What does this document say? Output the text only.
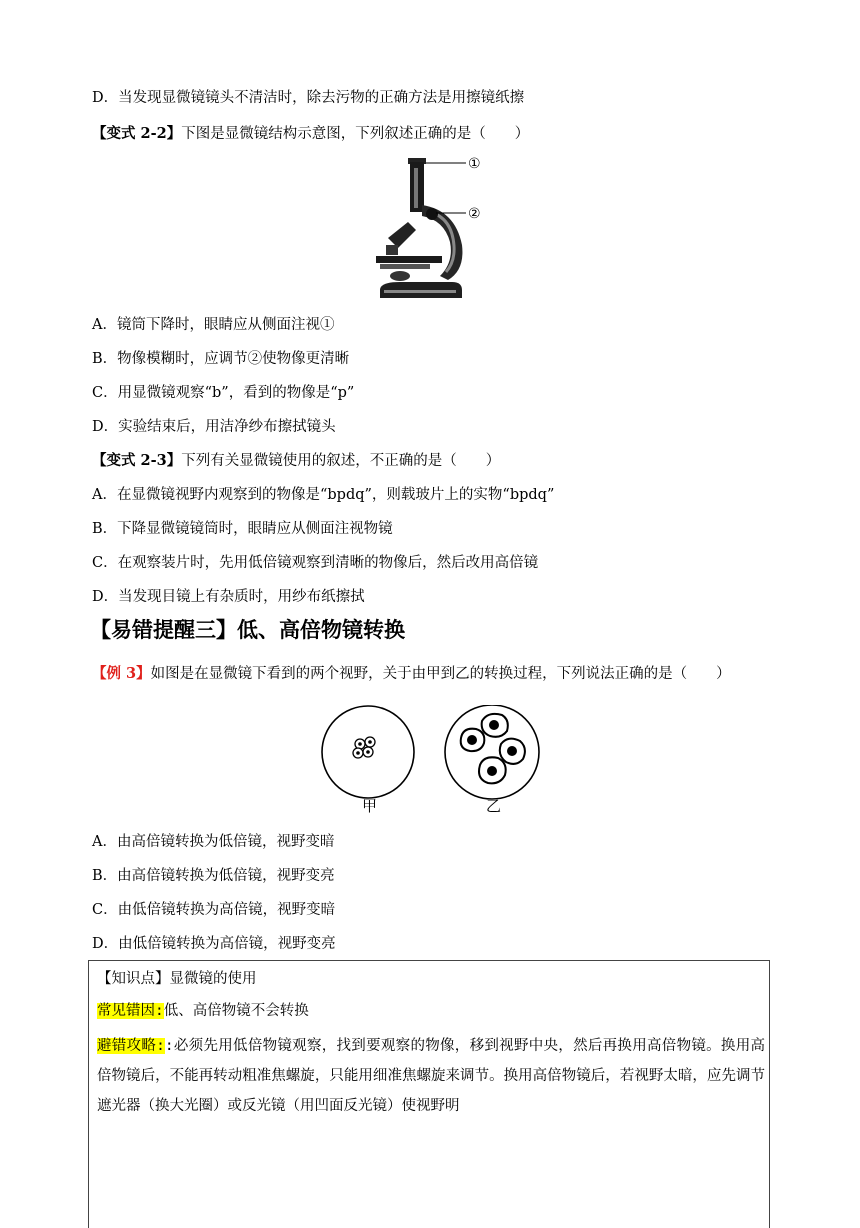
D．当发现显微镜镜头不清洁时，除去污物的正确方法是用擦镜纸擦
【变式 2-2】下图是显微镜结构示意图，下列叙述正确的是（　　）
①
②
A．镜筒下降时，眼睛应从侧面注视①
B．物像模糊时，应调节②使物像更清晰
C．用显微镜观察“b”，看到的物像是“p”
D．实验结束后，用洁净纱布擦拭镜头
【变式 2-3】下列有关显微镜使用的叙述，不正确的是（　　）
A．在显微镜视野内观察到的物像是“bpdq”，则载玻片上的实物“bpdq”
B．下降显微镜镜筒时，眼睛应从侧面注视物镜
C．在观察装片时，先用低倍镜观察到清晰的物像后，然后改用高倍镜
D．当发现目镜上有杂质时，用纱布纸擦拭
【易错提醒三】低、高倍物镜转换
【例 3】如图是在显微镜下看到的两个视野，关于由甲到乙的转换过程，下列说法正确的是（　　）
甲	乙
A．由高倍镜转换为低倍镜，视野变暗
B．由高倍镜转换为低倍镜，视野变亮
C．由低倍镜转换为高倍镜，视野变暗
D．由低倍镜转换为高倍镜，视野变亮
【知识点】显微镜的使用
常见错因:低、高倍物镜不会转换
避错攻略::必须先用低倍物镜观察，找到要观察的物像，移到视野中央，然后再换用高倍物镜。换用高倍物镜后，不能再转动粗准焦螺旋，只能用细准焦螺旋来调节。换用高倍物镜后，若视野太暗，应先调节遮光器（换大光圈）或反光镜（用凹面反光镜）使视野明
